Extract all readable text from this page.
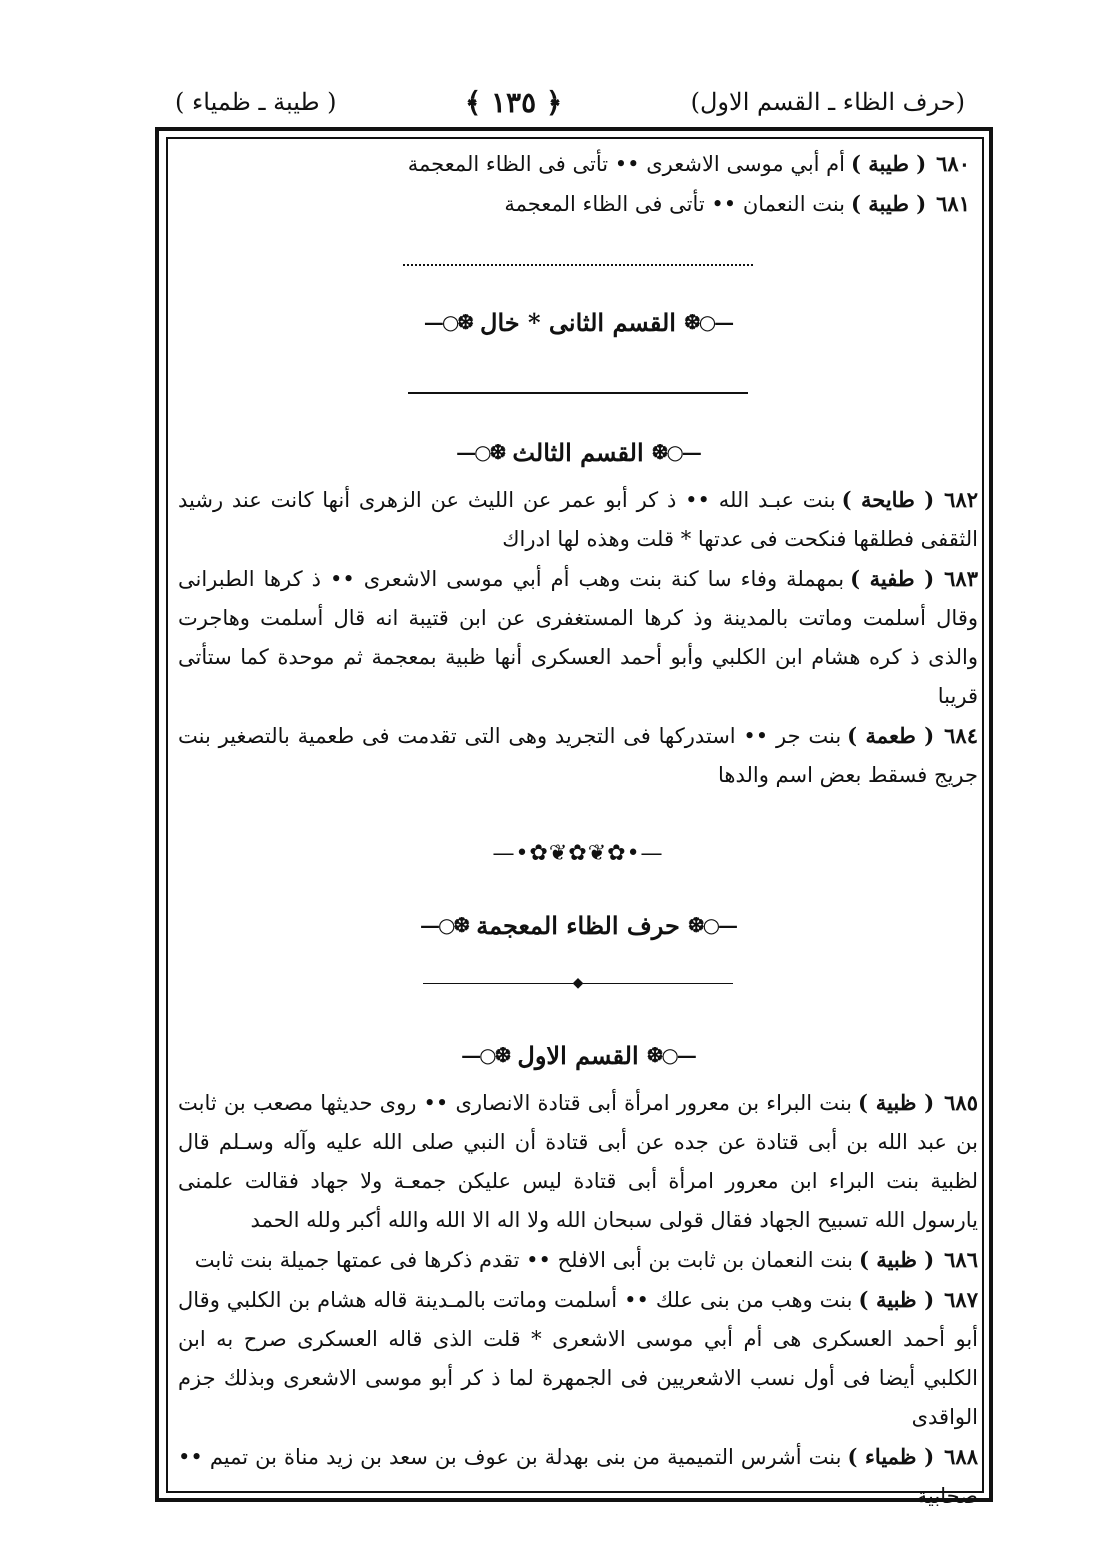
(حرف الظاء ـ القسم الاول)
﴿ ١٣٥ ﴾
( طيبة ـ ظمياء )

٦٨٠( طيبة )أم أبي موسى الاشعرى •• تأتى فى الظاء المعجمة

٦٨١( طيبة )بنت النعمان •• تأتى فى الظاء المعجمة

—○❆
القسم الثانى * خال
❆○—
—○❆
القسم الثالث
❆○—

٦٨٢( طايحة )بنت عبـد الله •• ذ كر أبو عمر عن الليث عن الزهرى أنها كانت عند رشيد الثقفى فطلقها فنكحت فى عدتها * قلت وهذه لها ادراك

٦٨٣( طفية )بمهملة وفاء سا كنة بنت وهب أم أبي موسى الاشعرى •• ذ كرها الطبرانى وقال أسلمت وماتت بالمدينة وذ كرها المستغفرى عن ابن قتيبة انه قال أسلمت وهاجرت والذى ذ كره هشام ابن الكلبي وأبو أحمد العسكرى أنها ظبية بمعجمة ثم موحدة كما ستأتى قريبا

٦٨٤( طعمة )بنت جر •• استدركها فى التجريد وهى التى تقدمت فى طعمية بالتصغير بنت جريج فسقط بعض اسم والدها

—•✿❦✿❦✿•—
—○❆
حرف الظاء المعجمة
❆○—
◆
—○❆
القسم الاول
❆○—

٦٨٥( ظبية )بنت البراء بن معرور امرأة أبى قتادة الانصارى •• روى حديثها مصعب بن ثابت بن عبد الله بن أبى قتادة عن جده عن أبى قتادة أن النبي صلى الله عليه وآله وسـلم قال لظبية بنت البراء ابن معرور امرأة أبى قتادة ليس عليكن جمعـة ولا جهاد فقالت علمنى يارسول الله تسبيح الجهاد فقال قولى سبحان الله ولا اله الا الله والله أكبر ولله الحمد

٦٨٦( ظبية )بنت النعمان بن ثابت بن أبى الافلح •• تقدم ذكرها فى عمتها جميلة بنت ثابت

٦٨٧( ظبية )بنت وهب من بنى علك •• أسلمت وماتت بالمـدينة قاله هشام بن الكلبي وقال أبو أحمد العسكرى هى أم أبي موسى الاشعرى * قلت الذى قاله العسكرى صرح به ابن الكلبي أيضا فى أول نسب الاشعريين فى الجمهرة لما ذ كر أبو موسى الاشعرى وبذلك جزم الواقدى

٦٨٨( ظمياء )بنت أشرس التميمية من بنى بهدلة بن عوف بن سعد بن زيد مناة بن تميم •• صحابية
